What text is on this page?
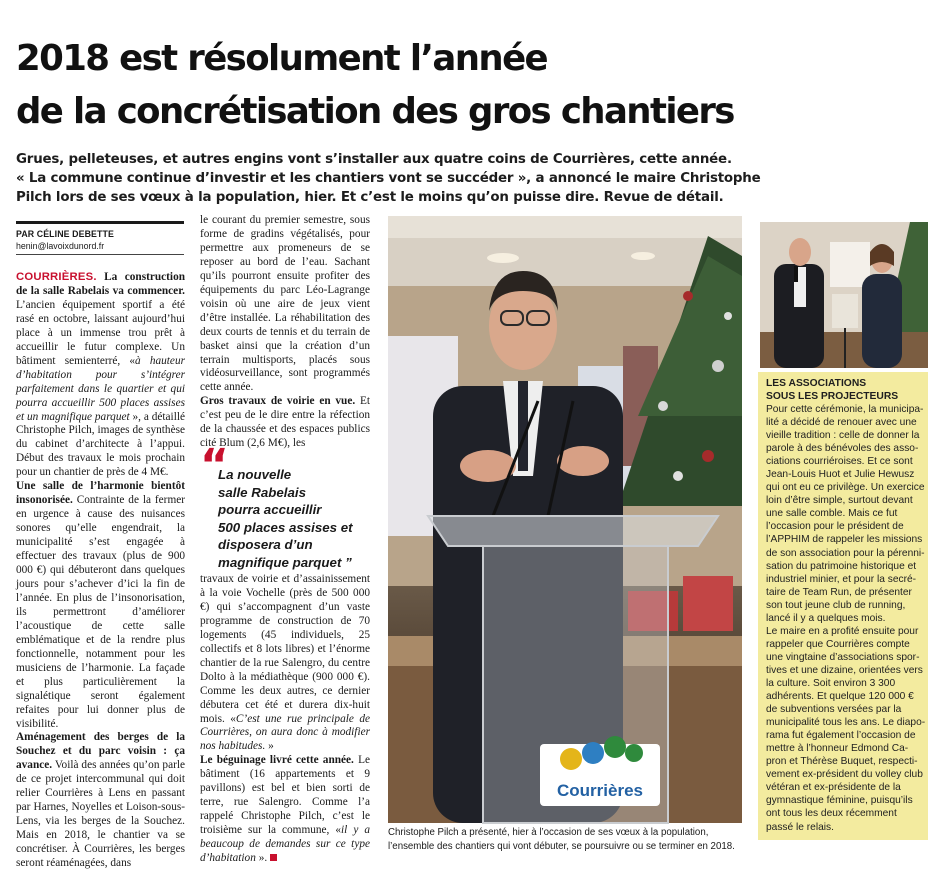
2018 est résolument l’année
de la concrétisation des gros chantiers
Grues, pelleteuses, et autres engins vont s’installer aux quatre coins de Courrières, cette année.
« La commune continue d’investir et les chantiers vont se succéder », a annoncé le maire Christophe
Pilch lors de ses vœux à la population, hier. Et c’est le moins qu’on puisse dire. Revue de détail.
PAR CÉLINE DEBETTE
henin@lavoixdunord.fr

COURRIÈRES. La construction de la salle Rabelais va commencer. L’ancien équipement sportif a été rasé en octobre, laissant aujourd’hui place à un immense trou prêt à accueillir le futur complexe. Un bâtiment semienterré, «à hauteur d’habitation pour s’intégrer parfaitement dans le quartier et qui pourra accueillir 500 places assises et un magnifique parquet », a détaillé Christophe Pilch, images de synthèse du cabinet d’architecte à l’appui. Début des travaux le mois prochain pour un chantier de près de 4 M€.

Une salle de l’harmonie bientôt insonorisée. Contrainte de la fermer en urgence à cause des nuisances sonores qu’elle engendrait, la municipalité s’est engagée à effectuer des travaux (plus de 900 000 €) qui débuteront dans quelques jours pour s’achever d’ici la fin de l’année. En plus de l’insonorisation, ils permettront d’améliorer l’acoustique de cette salle emblématique et de la rendre plus fonctionnelle, notamment pour les musiciens de l’harmonie. La façade et plus particulièrement la signalétique seront également refaites pour lui donner plus de visibilité.

Aménagement des berges de la Souchez et du parc voisin : ça avance. Voilà des années qu’on parle de ce projet intercommunal qui doit relier Courrières à Lens en passant par Harnes, Noyelles et Loison-sous-Lens, via les berges de la Souchez. Mais en 2018, le chantier va se concrétiser. À Courrières, les berges seront réaménagées, dans

le courant du premier semestre, sous forme de gradins végétalisés, pour permettre aux promeneurs de se reposer au bord de l’eau. Sachant qu’ils pourront ensuite profiter des équipements du parc Léo-Lagrange voisin où une aire de jeux vient d’être installée. La réhabilitation des deux courts de tennis et du terrain de basket ainsi que la création d’un terrain multisports, placés sous vidéosurveillance, sont programmés cette année.

Gros travaux de voirie en vue. Et c’est peu de le dire entre la réfection de la chaussée et des espaces publics cité Blum (2,6 M€), les

“
La nouvelle
salle Rabelais
pourra accueillir
500 places assises et
disposera d’un
magnifique parquet ”

travaux de voirie et d’assainissement à la voie Vochelle (près de 500 000 €) qui s’accompagnent d’un vaste programme de construction de 70 logements (45 individuels, 25 collectifs et 8 lots libres) et l’énorme chantier de la rue Salengro, du centre Dolto à la médiathèque (900 000 €). Comme les deux autres, ce dernier débutera cet été et durera dix-huit mois. «C’est une rue principale de Courrières, on aura donc à modifier nos habitudes. »

Le béguinage livré cette année. Le bâtiment (16 appartements et 9 pavillons) est bel et bien sorti de terre, rue Salengro. Comme l’a rappelé Christophe Pilch, c’est le troisième sur la commune, «il y a beaucoup de demandes sur ce type d’habitation ».

Courrières
Christophe Pilch a présenté, hier à l’occasion de ses vœux à la population,
l’ensemble des chantiers qui vont débuter, se poursuivre ou se terminer en 2018.
LES ASSOCIATIONS
SOUS LES PROJECTEURS
Pour cette cérémonie, la municipa-
lité a décidé de renouer avec une
vieille tradition : celle de donner la
parole à des bénévoles des asso-
ciations courriéroises. Et ce sont
Jean-Louis Huot et Julie Hewusz
qui ont eu ce privilège. Un exercice
loin d’être simple, surtout devant
une salle comble. Mais ce fut
l’occasion pour le président de
l’APPHIM de rappeler les missions
de son association pour la pérenni-
sation du patrimoine historique et
industriel minier, et pour la secré-
taire de Team Run, de présenter
son tout jeune club de running,
lancé il y a quelques mois.
Le maire en a profité ensuite pour
rappeler que Courrières compte
une vingtaine d’associations spor-
tives et une dizaine, orientées vers
la culture. Soit environ 3 300
adhérents. Et quelque 120 000 €
de subventions versées par la
municipalité tous les ans. Le diapo-
rama fut également l’occasion de
mettre à l’honneur Edmond Ca-
pron et Thérèse Buquet, respecti-
vement ex-président du volley club
vétéran et ex-présidente de la
gymnastique féminine, puisqu’ils
ont tous les deux récemment
passé le relais.
